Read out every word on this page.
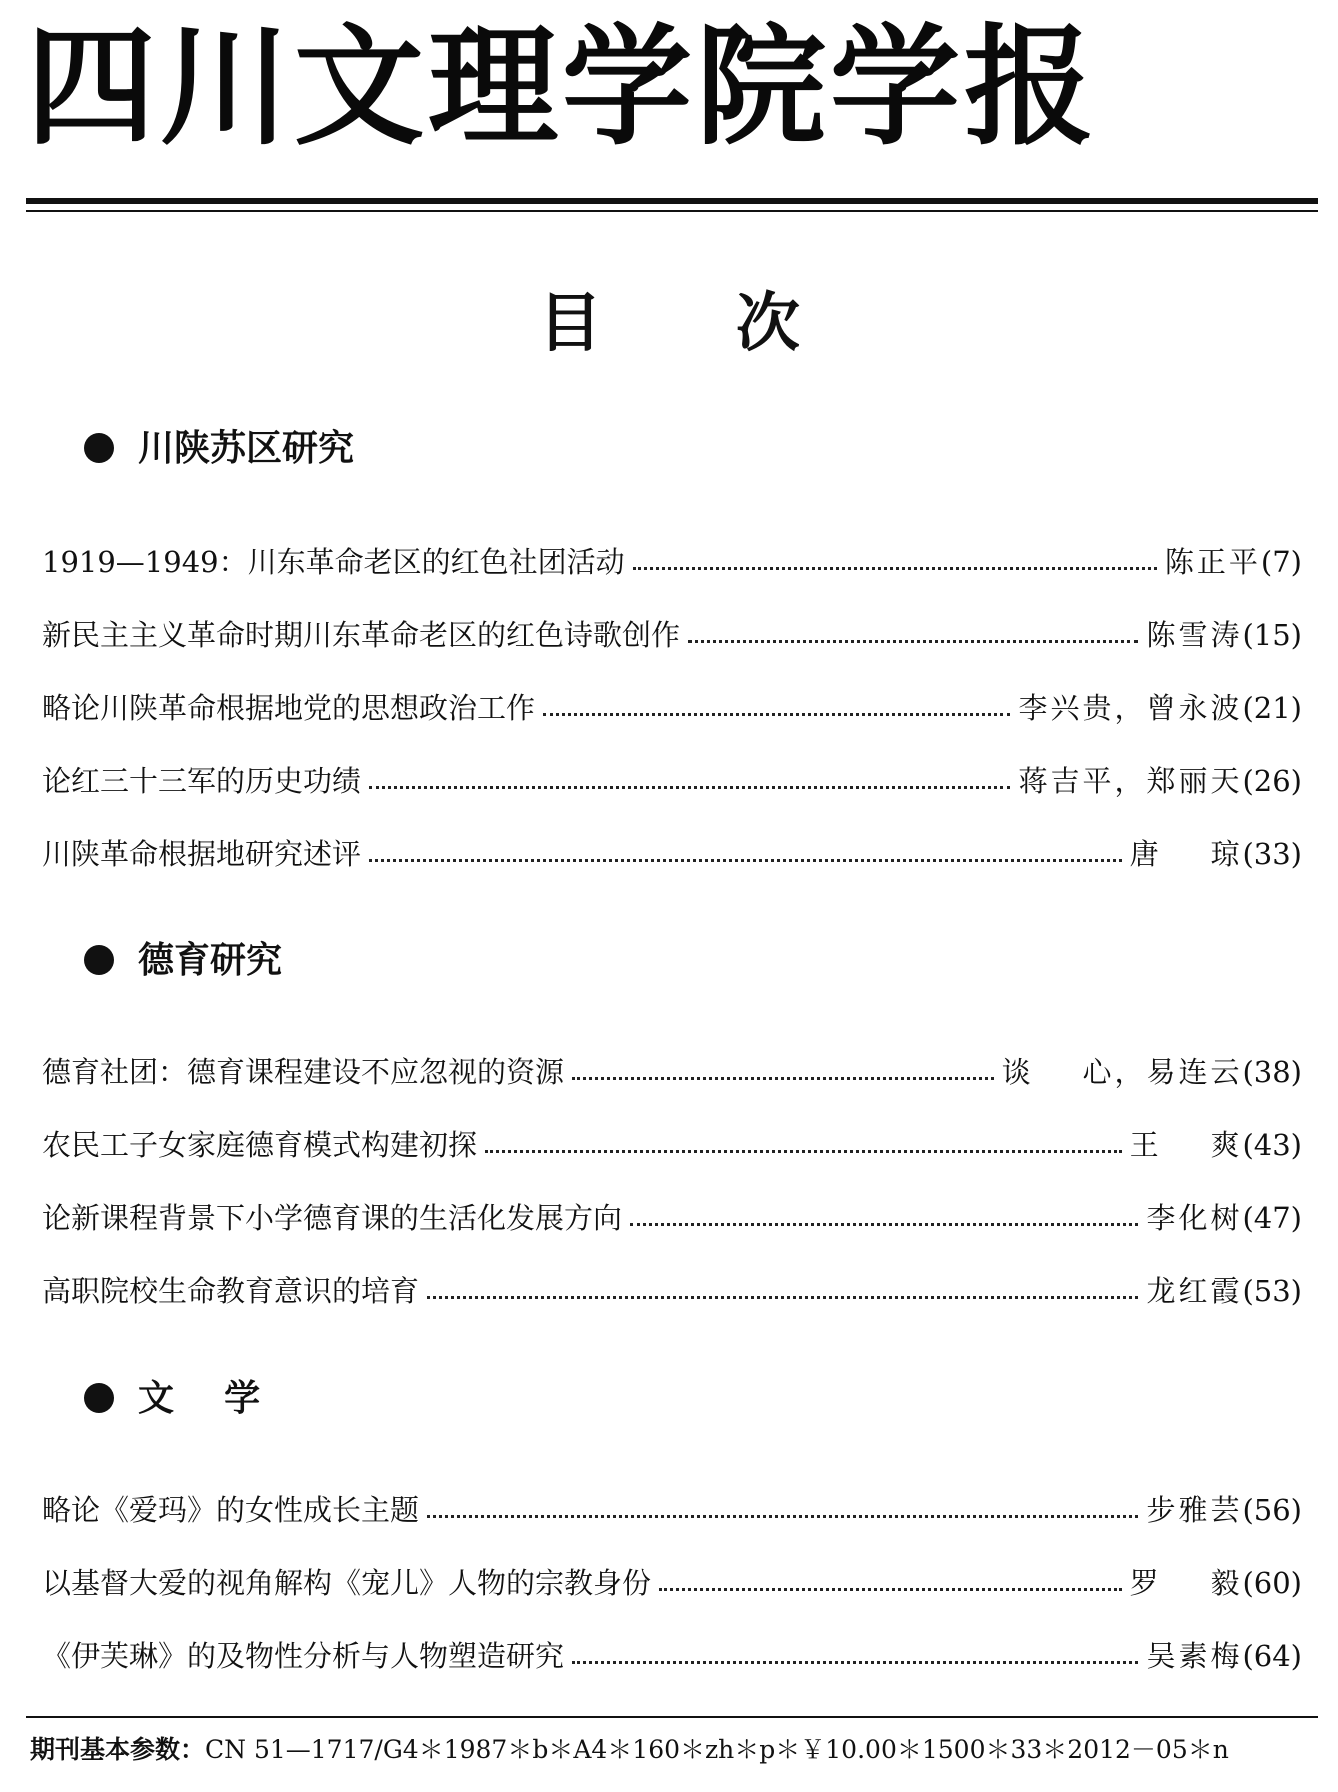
四川文理学院学报
目      次
川陕苏区研究
1919—1949：川东革命老区的红色社团活动	陈正平 (7)
新民主主义革命时期川东革命老区的红色诗歌创作	陈雪涛 (15)
略论川陕革命根据地党的思想政治工作	李兴贵，曾永波 (21)
论红三十三军的历史功绩	蒋吉平，郑丽天 (26)
川陕革命根据地研究述评	唐    琼 (33)
德育研究
德育社团：德育课程建设不应忽视的资源	谈    心，易连云 (38)
农民工子女家庭德育模式构建初探	王    爽 (43)
论新课程背景下小学德育课的生活化发展方向	李化树 (47)
高职院校生命教育意识的培育	龙红霞 (53)
文    学
略论《爱玛》的女性成长主题	步雅芸 (56)
以基督大爱的视角解构《宠儿》人物的宗教身份	罗    毅 (60)
《伊芙琳》的及物性分析与人物塑造研究	吴素梅 (64)
期刊基本参数：CN 51—1717/G4＊1987＊b＊A4＊160＊zh＊p＊￥10.00＊1500＊33＊2012－05＊n
